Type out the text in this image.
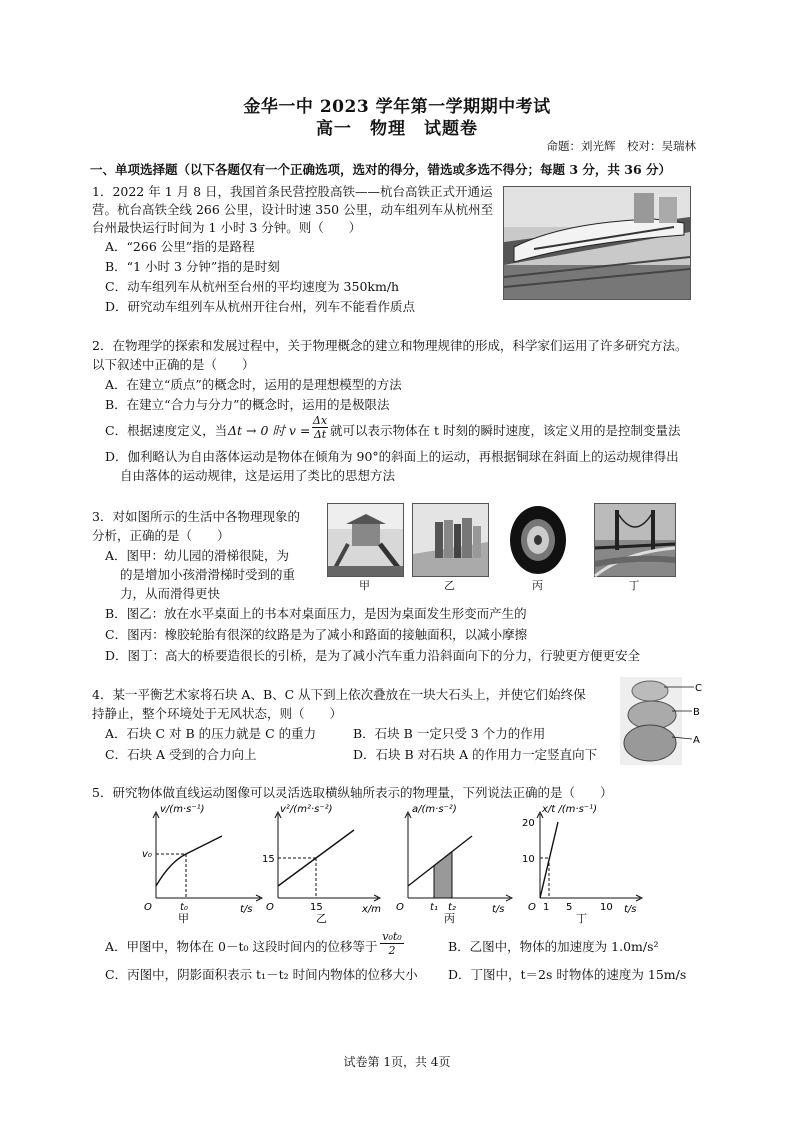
金华一中 2023 学年第一学期期中考试
高一　物理　试题卷
命题：刘光辉　校对：吴瑞林
一、单项选择题（以下各题仅有一个正确选项，选对的得分，错选或多选不得分；每题 3 分，共 36 分）
1．2022 年 1 月 8 日，我国首条民营控股高铁——杭台高铁正式开通运
营。杭台高铁全线 266 公里，设计时速 350 公里，动车组列车从杭州至
台州最快运行时间为 1 小时 3 分钟。则（　　）
A．“266 公里”指的是路程
B．“1 小时 3 分钟”指的是时刻
C．动车组列车从杭州至台州的平均速度为 350km/h
D．研究动车组列车从杭州开往台州，列车不能看作质点
2．在物理学的探索和发展过程中，关于物理概念的建立和物理规律的形成，科学家们运用了许多研究方法。
以下叙述中正确的是（　　）
A．在建立“质点”的概念时，运用的是理想模型的方法
B．在建立“合力与分力”的概念时，运用的是极限法
C．根据速度定义，当 Δt → 0 时 $v = \frac{\Delta x}{\Delta t}$ 就可以表示物体在 t 时刻的瞬时速度，该定义用的是控制变量法
D．伽利略认为自由落体运动是物体在倾角为 90°的斜面上的运动，再根据铜球在斜面上的运动规律得出
自由落体的运动规律，这是运用了类比的思想方法
3．对如图所示的生活中各物理现象的
分析，正确的是（　　）
A．图甲：幼儿园的滑梯很陡，为
的是增加小孩滑滑梯时受到的重
力，从而滑得更快
B．图乙：放在水平桌面上的书本对桌面压力，是因为桌面发生形变而产生的
C．图丙：橡胶轮胎有很深的纹路是为了减小和路面的接触面积，以减小摩擦
D．图丁：高大的桥要造很长的引桥，是为了减小汽车重力沿斜面向下的分力，行驶更方便更安全
甲	乙	丙	丁
4．某一平衡艺术家将石块 A、B、C 从下到上依次叠放在一块大石头上，并使它们始终保
持静止，整个环境处于无风状态，则（　　）
A．石块 C 对 B 的压力就是 C 的重力	B．石块 B 一定只受 3 个力的作用
C．石块 A 受到的合力向上	D．石块 B 对石块 A 的作用力一定竖直向下
C
B
A
5．研究物体做直线运动图像可以灵活选取横纵轴所表示的物理量，下列说法正确的是（　　）
v/(m·s⁻¹)
t/s
O
v₀
t₀
甲
v²/(m²·s⁻²)
x/m
O
15
15
乙
a/(m·s⁻²)
t/s
O	t₁ t₂
丙
x/t /(m·s⁻¹)
t/s
O
20
10
1 5	10
丁
A．甲图中，物体在 0－t₀ 这段时间内的位移等于 $\frac{\text{v₀t₀}}{2}$	B．乙图中，物体的加速度为 1.0m/s²
C．丙图中，阴影面积表示 t₁－t₂ 时间内物体的位移大小 D．丁图中，t＝2s 时物体的速度为 15m/s
试卷第 1页，共 4页
